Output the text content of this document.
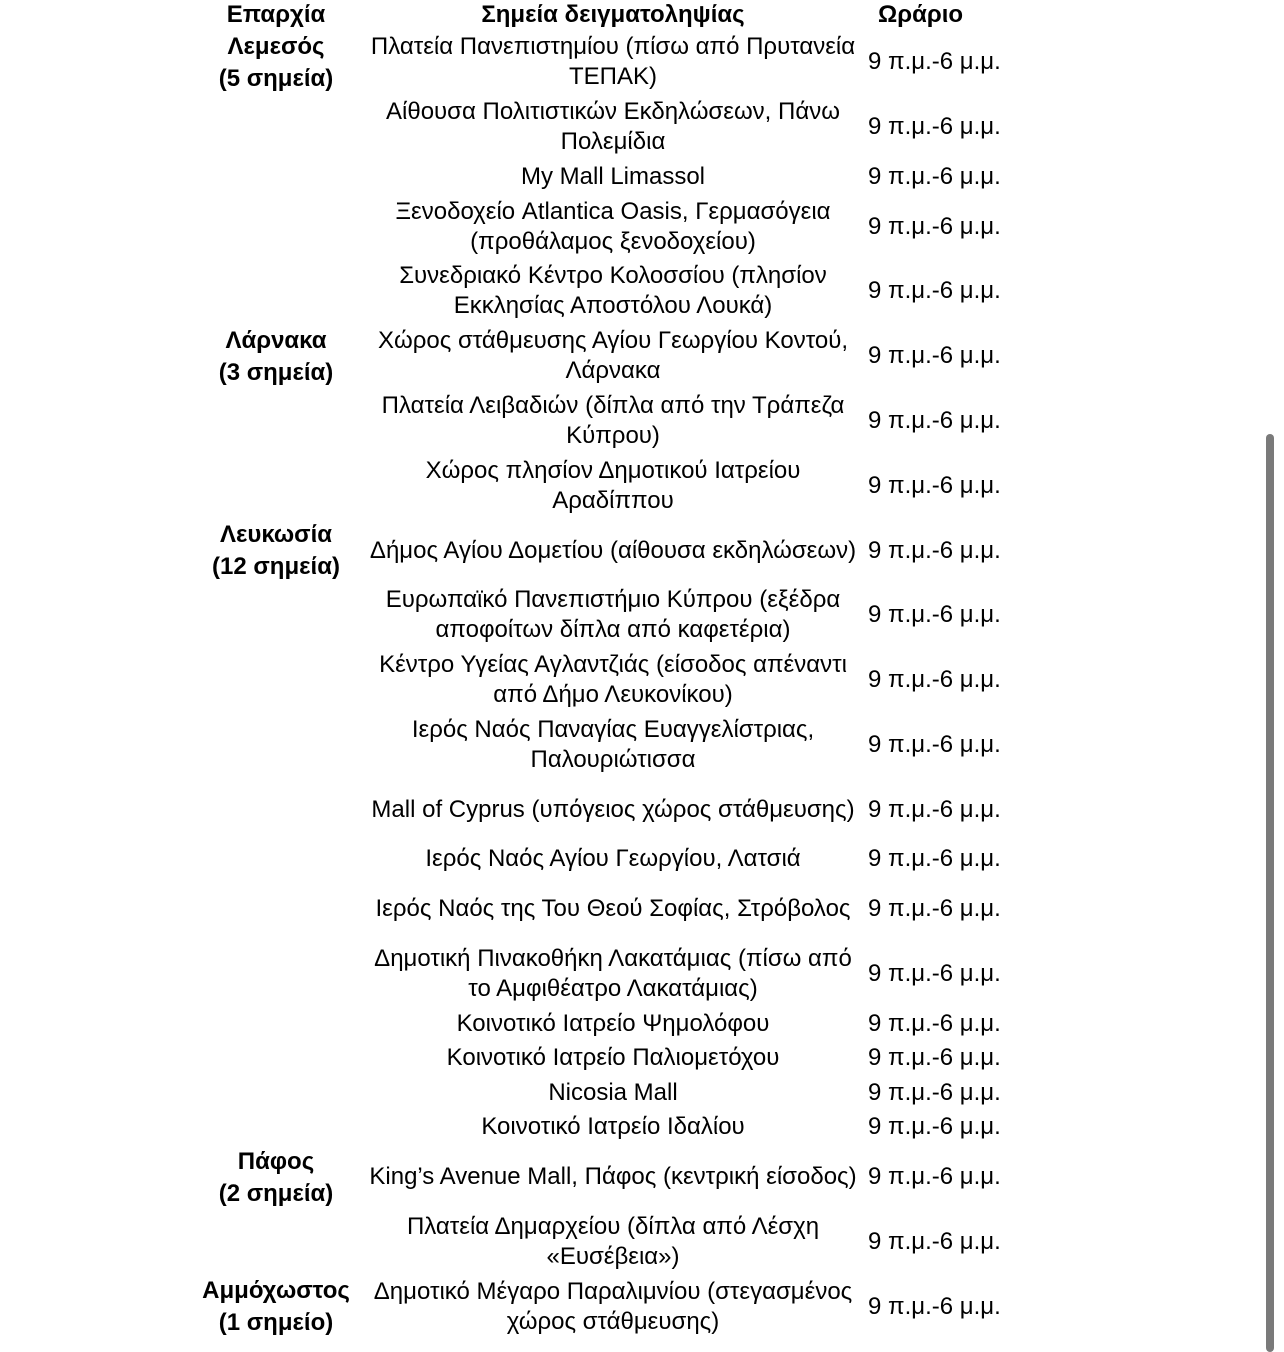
Επαρχία	Σημεία δειγματοληψίας	Ωράριο

Λεμεσός
(5 σημεία)	Πλατεία Πανεπιστημίου (πίσω από Πρυτανεία ΤΕΠΑΚ)	9 π.μ.-6 μ.μ.
	Αίθουσα Πολιτιστικών Εκδηλώσεων, Πάνω Πολεμίδια	9 π.μ.-6 μ.μ.
	My Mall Limassol	9 π.μ.-6 μ.μ.
	Ξενοδοχείο Atlantica Oasis, Γερμασόγεια (προθάλαμος ξενοδοχείου)	9 π.μ.-6 μ.μ.
	Συνεδριακό Κέντρο Κολοσσίου (πλησίον Εκκλησίας Αποστόλου Λουκά)	9 π.μ.-6 μ.μ.

Λάρνακα
(3 σημεία)	Χώρος στάθμευσης Αγίου Γεωργίου Κοντού, Λάρνακα	9 π.μ.-6 μ.μ.
	Πλατεία Λειβαδιών (δίπλα από την Τράπεζα Κύπρου)	9 π.μ.-6 μ.μ.
	Χώρος πλησίον Δημοτικού Ιατρείου Αραδίππου	9 π.μ.-6 μ.μ.

Λευκωσία
(12 σημεία)	Δήμος Αγίου Δομετίου (αίθουσα εκδηλώσεων)	9 π.μ.-6 μ.μ.
	Ευρωπαϊκό Πανεπιστήμιο Κύπρου (εξέδρα αποφοίτων δίπλα από καφετέρια)	9 π.μ.-6 μ.μ.
	Κέντρο Υγείας Αγλαντζιάς (είσοδος απέναντι από Δήμο Λευκονίκου)	9 π.μ.-6 μ.μ.
	Ιερός Ναός Παναγίας Ευαγγελίστριας, Παλουριώτισσα	9 π.μ.-6 μ.μ.
	Mall of Cyprus (υπόγειος χώρος στάθμευσης)	9 π.μ.-6 μ.μ.
	Ιερός Ναός Αγίου Γεωργίου, Λατσιά	9 π.μ.-6 μ.μ.
	Ιερός Ναός της Του Θεού Σοφίας, Στρόβολος	9 π.μ.-6 μ.μ.
	Δημοτική Πινακοθήκη Λακατάμιας (πίσω από το Αμφιθέατρο Λακατάμιας)	9 π.μ.-6 μ.μ.
	Κοινοτικό Ιατρείο Ψημολόφου	9 π.μ.-6 μ.μ.
	Κοινοτικό Ιατρείο Παλιομετόχου	9 π.μ.-6 μ.μ.
	Nicosia Mall	9 π.μ.-6 μ.μ.
	Κοινοτικό Ιατρείο Ιδαλίου	9 π.μ.-6 μ.μ.

Πάφος
(2 σημεία)	King’s Avenue Mall, Πάφος (κεντρική είσοδος)	9 π.μ.-6 μ.μ.
	Πλατεία Δημαρχείου (δίπλα από Λέσχη «Ευσέβεια»)	9 π.μ.-6 μ.μ.

Αμμόχωστος
(1 σημείο)	Δημοτικό Μέγαρο Παραλιμνίου (στεγασμένος χώρος στάθμευσης)	9 π.μ.-6 μ.μ.
